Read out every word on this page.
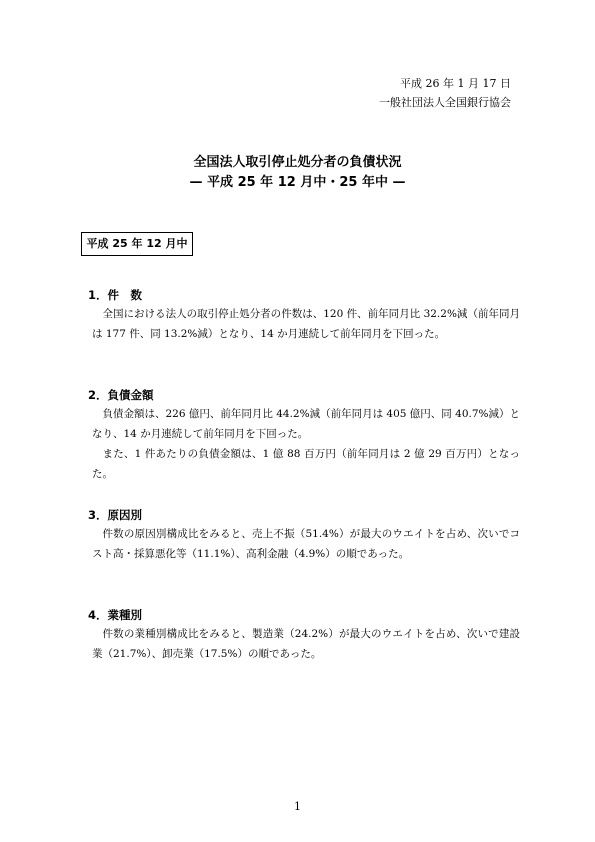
平成 26 年 1 月 17 日
一般社団法人全国銀行協会
全国法人取引停止処分者の負債状況
— 平成 25 年 12 月中・25 年中 —
平成 25 年 12 月中
1．件　数
全国における法人の取引停止処分者の件数は、120 件、前年同月比 32.2%減（前年同月は 177 件、同 13.2%減）となり、14 か月連続して前年同月を下回った。
2．負債金額
負債金額は、226 億円、前年同月比 44.2%減（前年同月は 405 億円、同 40.7%減）となり、14 か月連続して前年同月を下回った。
また、1 件あたりの負債金額は、1 億 88 百万円（前年同月は 2 億 29 百万円）となった。
3．原因別
件数の原因別構成比をみると、売上不振（51.4%）が最大のウエイトを占め、次いでコスト高・採算悪化等（11.1%）、高利金融（4.9%）の順であった。
4．業種別
件数の業種別構成比をみると、製造業（24.2%）が最大のウエイトを占め、次いで建設業（21.7%）、卸売業（17.5%）の順であった。
1
